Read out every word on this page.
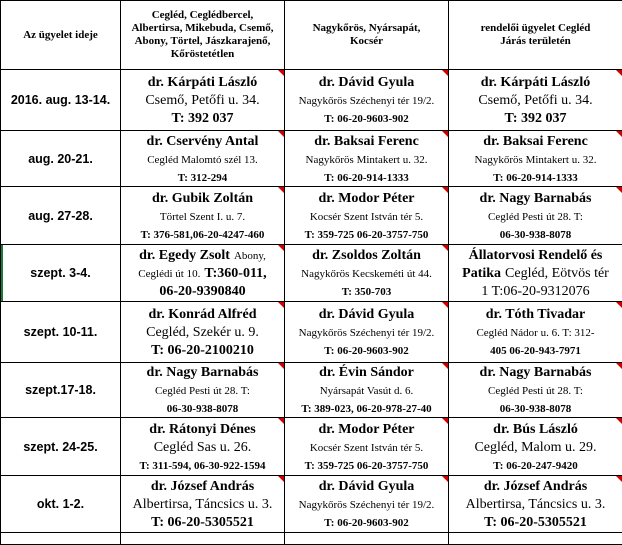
Az ügyelet ideje	Cegléd, Ceglédbercel,
Albertirsa, Mikebuda, Csemő,
Abony, Törtel, Jászkarajenő,
Kőröstetétlen	Nagykőrös, Nyársapát,
Kocsér	rendelői ügyelet Cegléd
Járás területén

2016. aug. 13-14.	dr. Kárpáti László
Csemő, Petőfi u. 34.
T: 392 037	dr. Dávid Gyula
Nagykőrös Széchenyi tér 19/2.
T: 06-20-9603-902	dr. Kárpáti László
Csemő, Petőfi u. 34.
T: 392 037

aug. 20-21.	dr. Cservény Antal
Cegléd Malomtó szél 13.
T: 312-294	dr. Baksai Ferenc
Nagykőrös Mintakert u. 32.
T: 06-20-914-1333	dr. Baksai Ferenc
Nagykőrös Mintakert u. 32.
T: 06-20-914-1333

aug. 27-28.	dr. Gubik Zoltán
Törtel Szent I. u. 7.
T: 376-581,06-20-4247-460	dr. Modor Péter
Kocsér Szent István tér 5.
T: 359-725 06-20-3757-750	dr. Nagy Barnabás
Cegléd Pesti út 28. T:
06-30-938-8078

szept. 3-4.	dr. Egedy Zsolt Abony,
Ceglédi út 10. T:360-011,
06-20-9390840	dr. Zsoldos Zoltán
Nagykőrös Kecskeméti út 44.
T: 350-703	Állatorvosi Rendelő és
Patika Cegléd, Eötvös tér
1 T:06-20-9312076

szept. 10-11.	dr. Konrád Alfréd
Cegléd, Szekér u. 9.
T: 06-20-2100210	dr. Dávid Gyula
Nagykőrös Széchenyi tér 19/2.
T: 06-20-9603-902	dr. Tóth Tivadar
Cegléd Nádor u. 6. T: 312-
405 06-20-943-7971

szept.17-18.	dr. Nagy Barnabás
Cegléd Pesti út 28. T:
06-30-938-8078	dr. Évin Sándor
Nyársapát Vasút d. 6.
T: 389-023, 06-20-978-27-40	dr. Nagy Barnabás
Cegléd Pesti út 28. T:
06-30-938-8078

szept. 24-25.	dr. Rátonyi Dénes
Cegléd Sas u. 26.
T: 311-594, 06-30-922-1594	dr. Modor Péter
Kocsér Szent István tér 5.
T: 359-725 06-20-3757-750	dr. Bús László
Cegléd, Malom u. 29.
T: 06-20-247-9420

okt. 1-2.	dr. József András
Albertirsa, Táncsics u. 3.
T: 06-20-5305521	dr. Dávid Gyula
Nagykőrös Széchenyi tér 19/2.
T: 06-20-9603-902	dr. József András
Albertirsa, Táncsics u. 3.
T: 06-20-5305521
